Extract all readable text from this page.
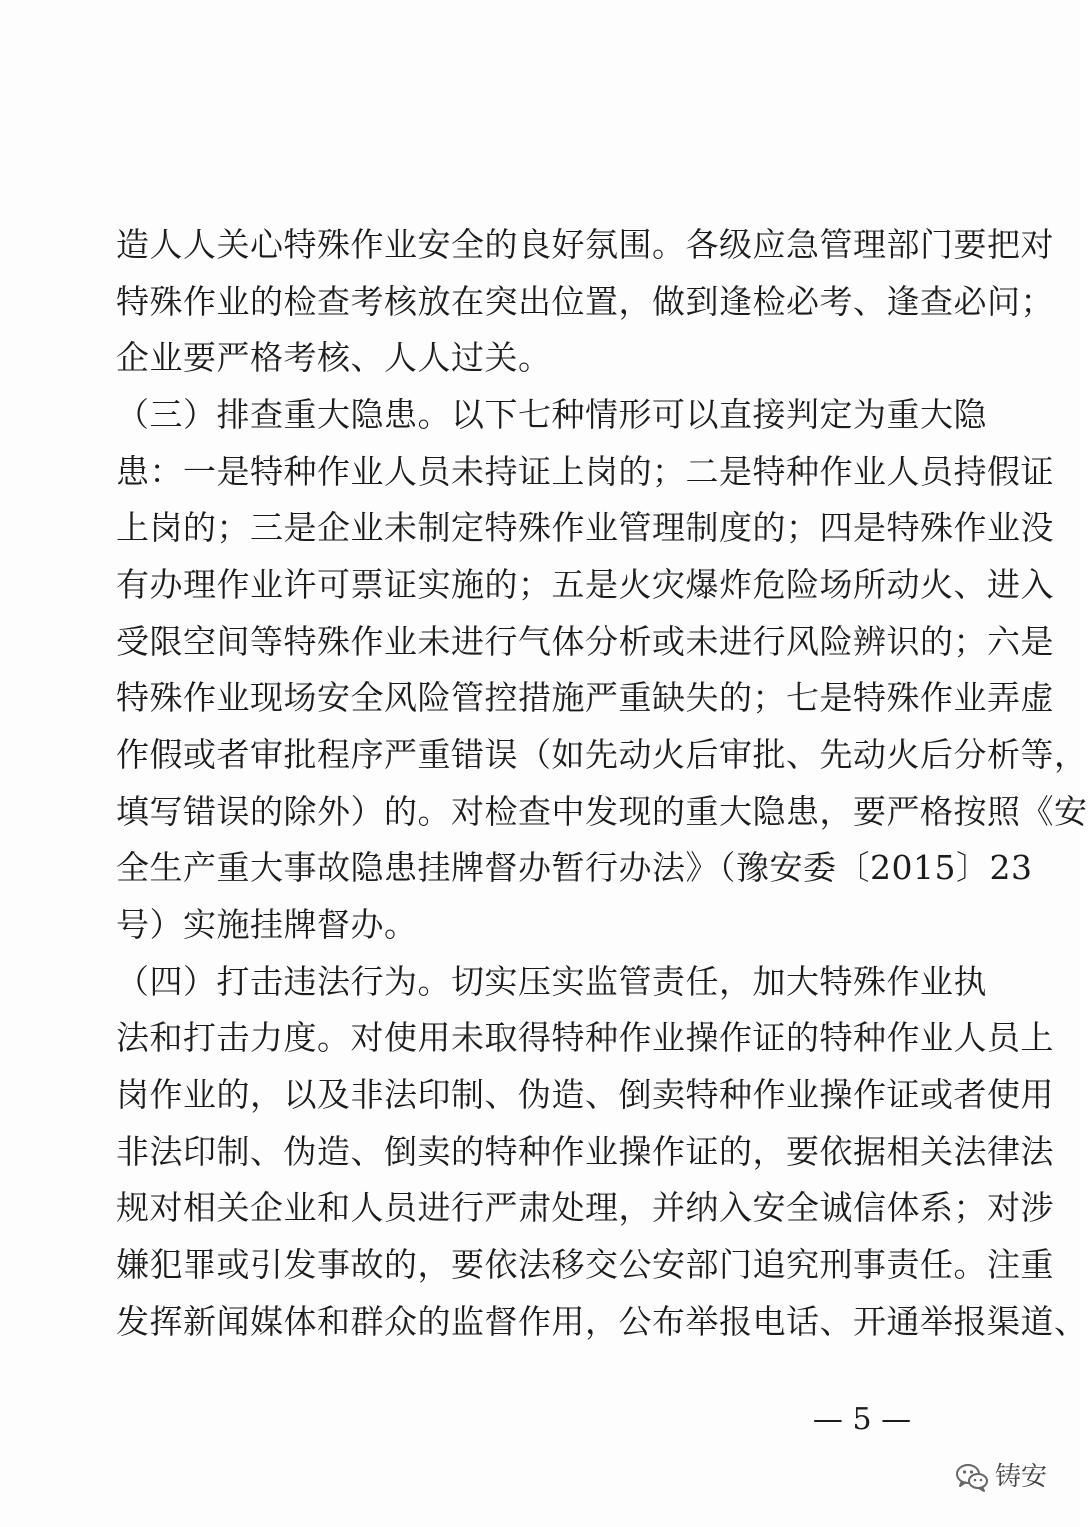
造人人关心特殊作业安全的良好氛围。各级应急管理部门要把对
特殊作业的检查考核放在突出位置，做到逢检必考、逢查必问；
企业要严格考核、人人过关。
（三）排查重大隐患。以下七种情形可以直接判定为重大隐
患：一是特种作业人员未持证上岗的；二是特种作业人员持假证
上岗的；三是企业未制定特殊作业管理制度的；四是特殊作业没
有办理作业许可票证实施的；五是火灾爆炸危险场所动火、进入
受限空间等特殊作业未进行气体分析或未进行风险辨识的；六是
特殊作业现场安全风险管控措施严重缺失的；七是特殊作业弄虚
作假或者审批程序严重错误（如先动火后审批、先动火后分析等，
填写错误的除外）的。对检查中发现的重大隐患，要严格按照《安
全生产重大事故隐患挂牌督办暂行办法》（豫安委〔2015〕23
号）实施挂牌督办。
（四）打击违法行为。切实压实监管责任，加大特殊作业执
法和打击力度。对使用未取得特种作业操作证的特种作业人员上
岗作业的，以及非法印制、伪造、倒卖特种作业操作证或者使用
非法印制、伪造、倒卖的特种作业操作证的，要依据相关法律法
规对相关企业和人员进行严肃处理，并纳入安全诚信体系；对涉
嫌犯罪或引发事故的，要依法移交公安部门追究刑事责任。注重
发挥新闻媒体和群众的监督作用，公布举报电话、开通举报渠道、
— 5 —
铸安
